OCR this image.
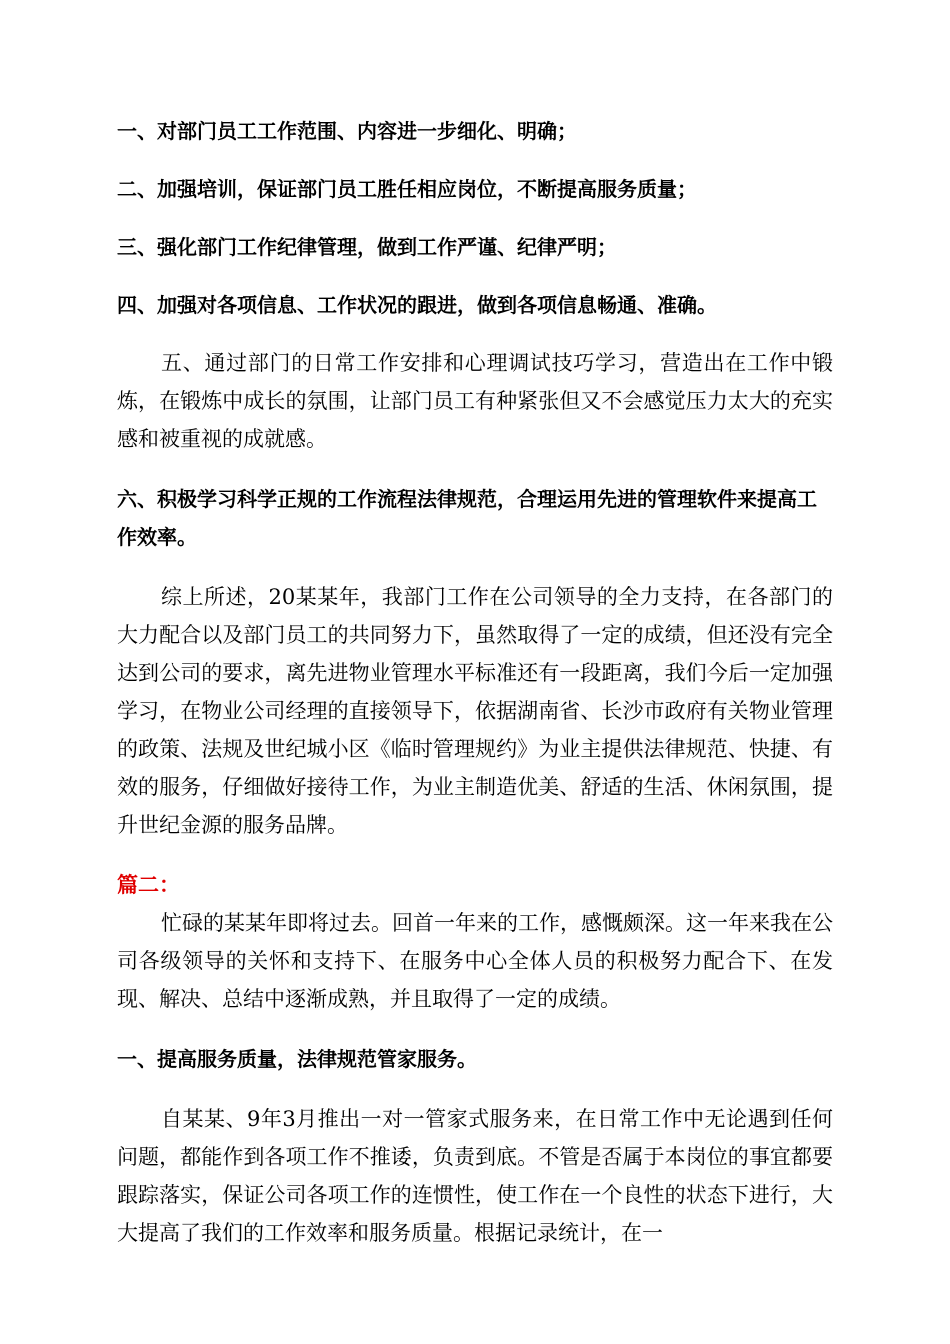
一、对部门员工工作范围、内容进一步细化、明确；

二、加强培训，保证部门员工胜任相应岗位，不断提高服务质量；

三、强化部门工作纪律管理，做到工作严谨、纪律严明；

四、加强对各项信息、工作状况的跟进，做到各项信息畅通、准确。

五、通过部门的日常工作安排和心理调试技巧学习，营造出在工作中锻炼，在锻炼中成长的氛围，让部门员工有种紧张但又不会感觉压力太大的充实感和被重视的成就感。

六、积极学习科学正规的工作流程法律规范，合理运用先进的管理软件来提高工作效率。

综上所述，20某某年，我部门工作在公司领导的全力支持，在各部门的大力配合以及部门员工的共同努力下，虽然取得了一定的成绩，但还没有完全达到公司的要求，离先进物业管理水平标准还有一段距离，我们今后一定加强学习，在物业公司经理的直接领导下，依据湖南省、长沙市政府有关物业管理的政策、法规及世纪城小区《临时管理规约》为业主提供法律规范、快捷、有效的服务，仔细做好接待工作，为业主制造优美、舒适的生活、休闲氛围，提升世纪金源的服务品牌。

篇二：

忙碌的某某年即将过去。回首一年来的工作，感慨颇深。这一年来我在公司各级领导的关怀和支持下、在服务中心全体人员的积极努力配合下、在发现、解决、总结中逐渐成熟，并且取得了一定的成绩。

一、提高服务质量，法律规范管家服务。

自某某、9年3月推出一对一管家式服务来，在日常工作中无论遇到任何问题，都能作到各项工作不推诿，负责到底。不管是否属于本岗位的事宜都要跟踪落实，保证公司各项工作的连惯性，使工作在一个良性的状态下进行，大大提高了我们的工作效率和服务质量。根据记录统计，在一
